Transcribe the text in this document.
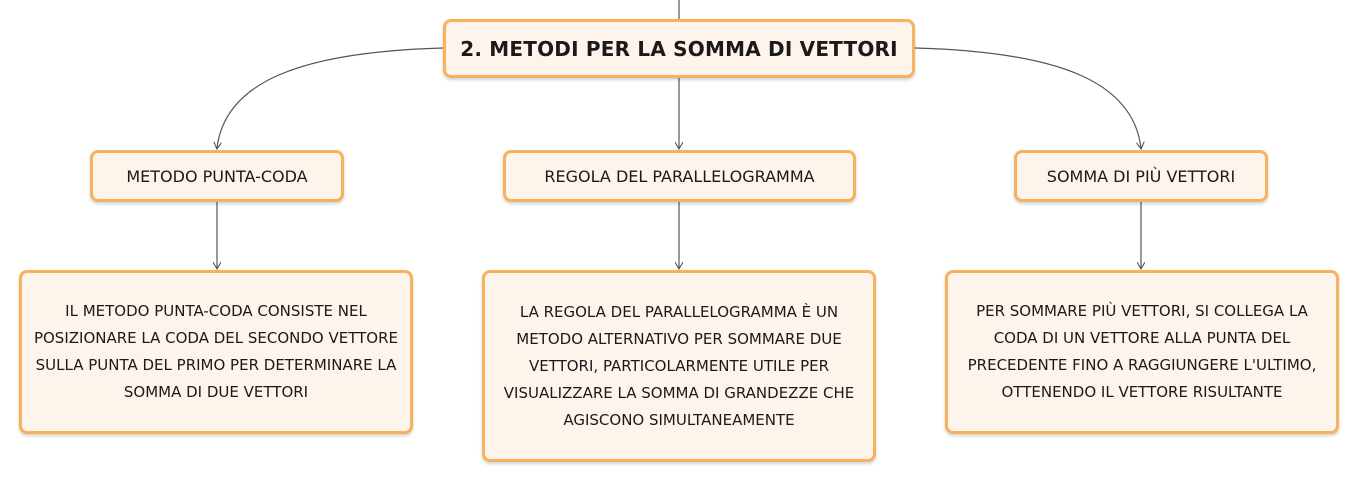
2. METODI PER LA SOMMA DI VETTORI
METODO PUNTA-CODA	REGOLA DEL PARALLELOGRAMMA	SOMMA DI PIÙ VETTORI
IL METODO PUNTA-CODA CONSISTE NEL POSIZIONARE LA CODA DEL SECONDO VETTORE SULLA PUNTA DEL PRIMO PER DETERMINARE LA SOMMA DI DUE VETTORI
LA REGOLA DEL PARALLELOGRAMMA È UN METODO ALTERNATIVO PER SOMMARE DUE VETTORI, PARTICOLARMENTE UTILE PER VISUALIZZARE LA SOMMA DI GRANDEZZE CHE AGISCONO SIMULTANEAMENTE
PER SOMMARE PIÙ VETTORI, SI COLLEGA LA CODA DI UN VETTORE ALLA PUNTA DEL PRECEDENTE FINO A RAGGIUNGERE L'ULTIMO, OTTENENDO IL VETTORE RISULTANTE
